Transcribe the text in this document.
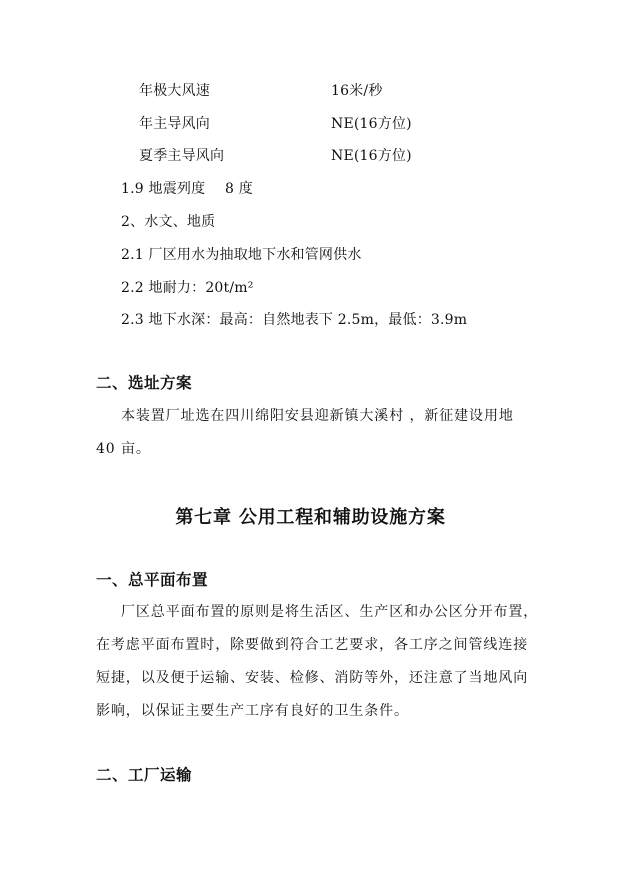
年极大风速	16米/秒
年主导风向	NE(16方位)
夏季主导风向	NE(16方位)
1.9 地震列度 8 度
2、水文、地质
2.1 厂区用水为抽取地下水和管网供水
2.2 地耐力：20t/m²
2.3 地下水深：最高：自然地表下 2.5m，最低：3.9m
二、选址方案
本装置厂址选在四川绵阳安县迎新镇大溪村 ，新征建设用地
40 亩。
第七章 公用工程和辅助设施方案
一、总平面布置
厂区总平面布置的原则是将生活区、生产区和办公区分开布置，
在考虑平面布置时，除要做到符合工艺要求，各工序之间管线连接
短捷，以及便于运输、安装、检修、消防等外，还注意了当地风向
影响，以保证主要生产工序有良好的卫生条件。
二、工厂运输
